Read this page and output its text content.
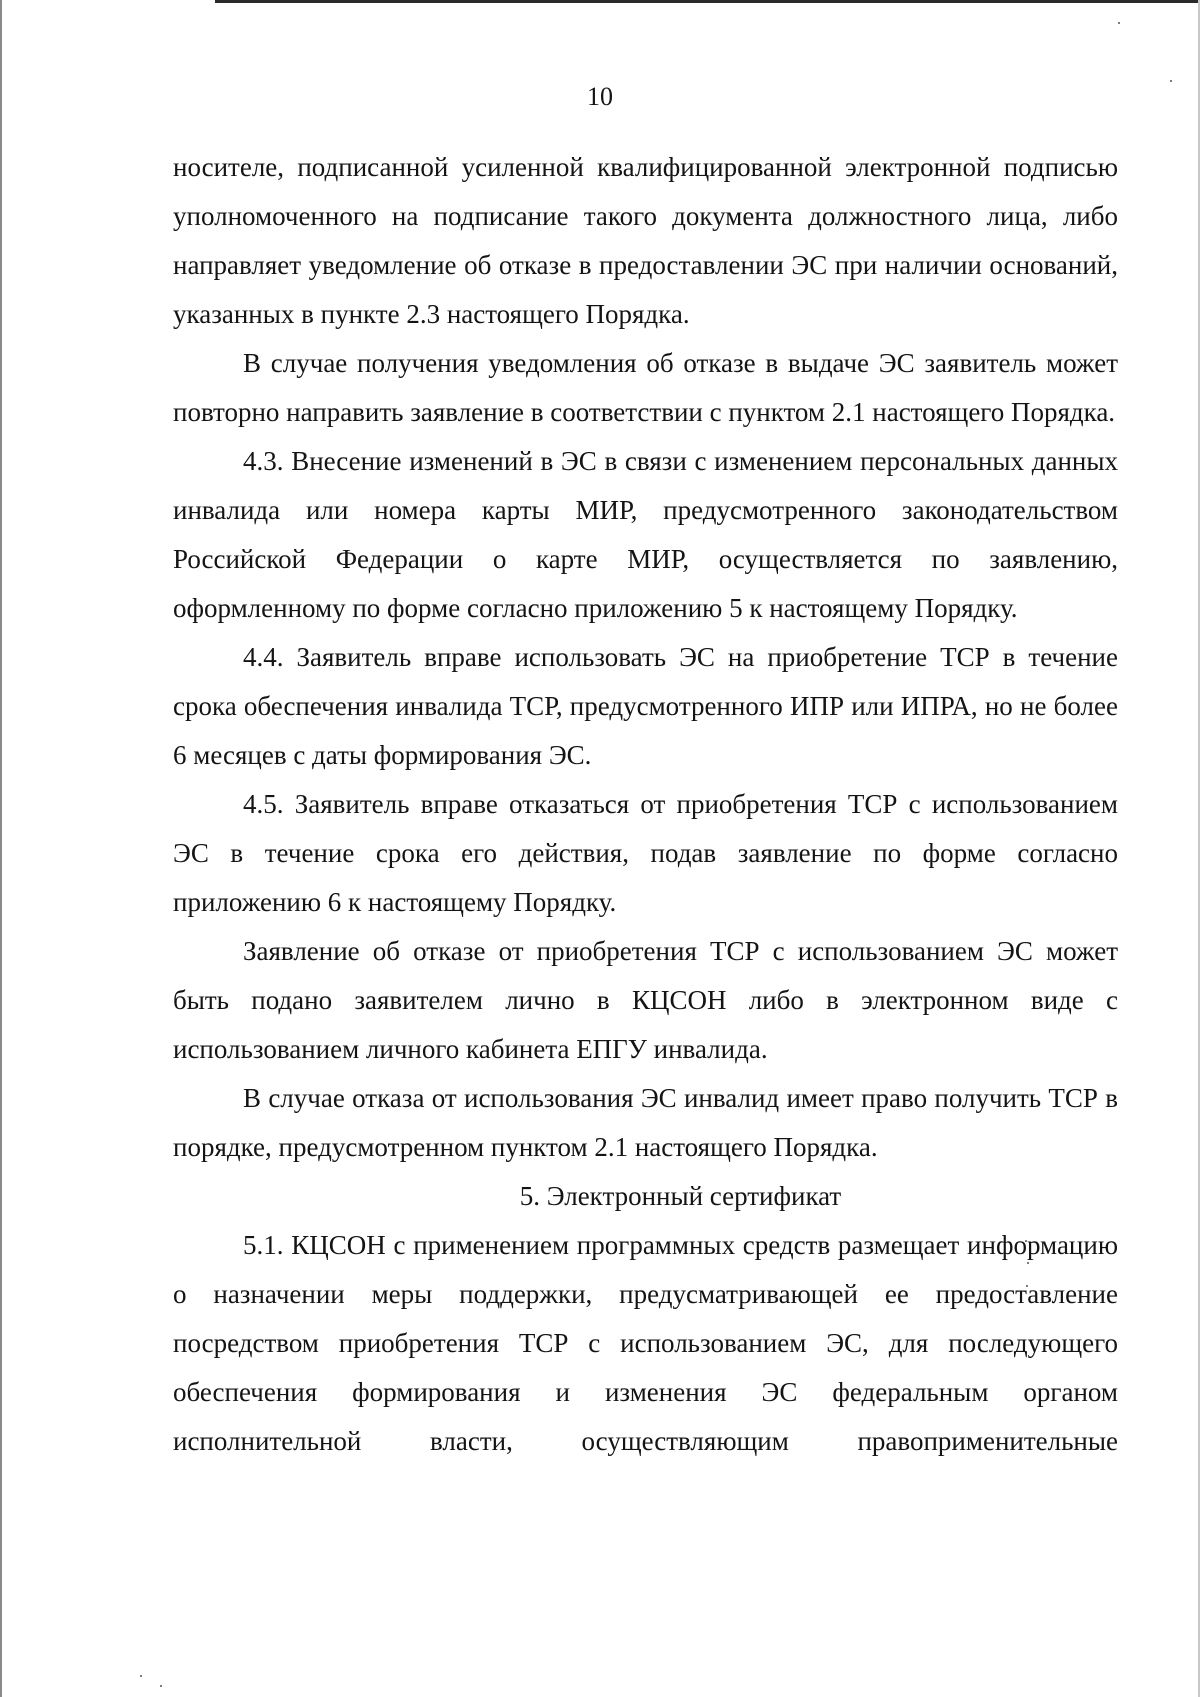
10

носителе, подписанной усиленной квалифицированной электронной подписью уполномоченного на подписание такого документа должностного лица, либо направляет уведомление об отказе в предоставлении ЭС при наличии оснований, указанных в пункте 2.3 настоящего Порядка.

В случае получения уведомления об отказе в выдаче ЭС заявитель может повторно направить заявление в соответствии с пунктом 2.1 настоящего Порядка.

4.3. Внесение изменений в ЭС в связи с изменением персональных данных инвалида или номера карты МИР, предусмотренного законодательством Российской Федерации о карте МИР, осуществляется по заявлению, оформленному по форме согласно приложению 5 к настоящему Порядку.

4.4. Заявитель вправе использовать ЭС на приобретение ТСР в течение срока обеспечения инвалида ТСР, предусмотренного ИПР или ИПРА, но не более 6 месяцев с даты формирования ЭС.

4.5. Заявитель вправе отказаться от приобретения ТСР с использованием ЭС в течение срока его действия, подав заявление по форме согласно приложению 6 к настоящему Порядку.

Заявление об отказе от приобретения ТСР с использованием ЭС может быть подано заявителем лично в КЦСОН либо в электронном виде с использованием личного кабинета ЕПГУ инвалида.

В случае отказа от использования ЭС инвалид имеет право получить ТСР в порядке, предусмотренном пунктом 2.1 настоящего Порядка.

5. Электронный сертификат

5.1. КЦСОН с применением программных средств размещает информацию о назначении меры поддержки, предусматривающей ее предоставление посредством приобретения ТСР с использованием ЭС, для последующего обеспечения формирования и изменения ЭС федеральным органом исполнительной власти, осуществляющим правоприменительные
